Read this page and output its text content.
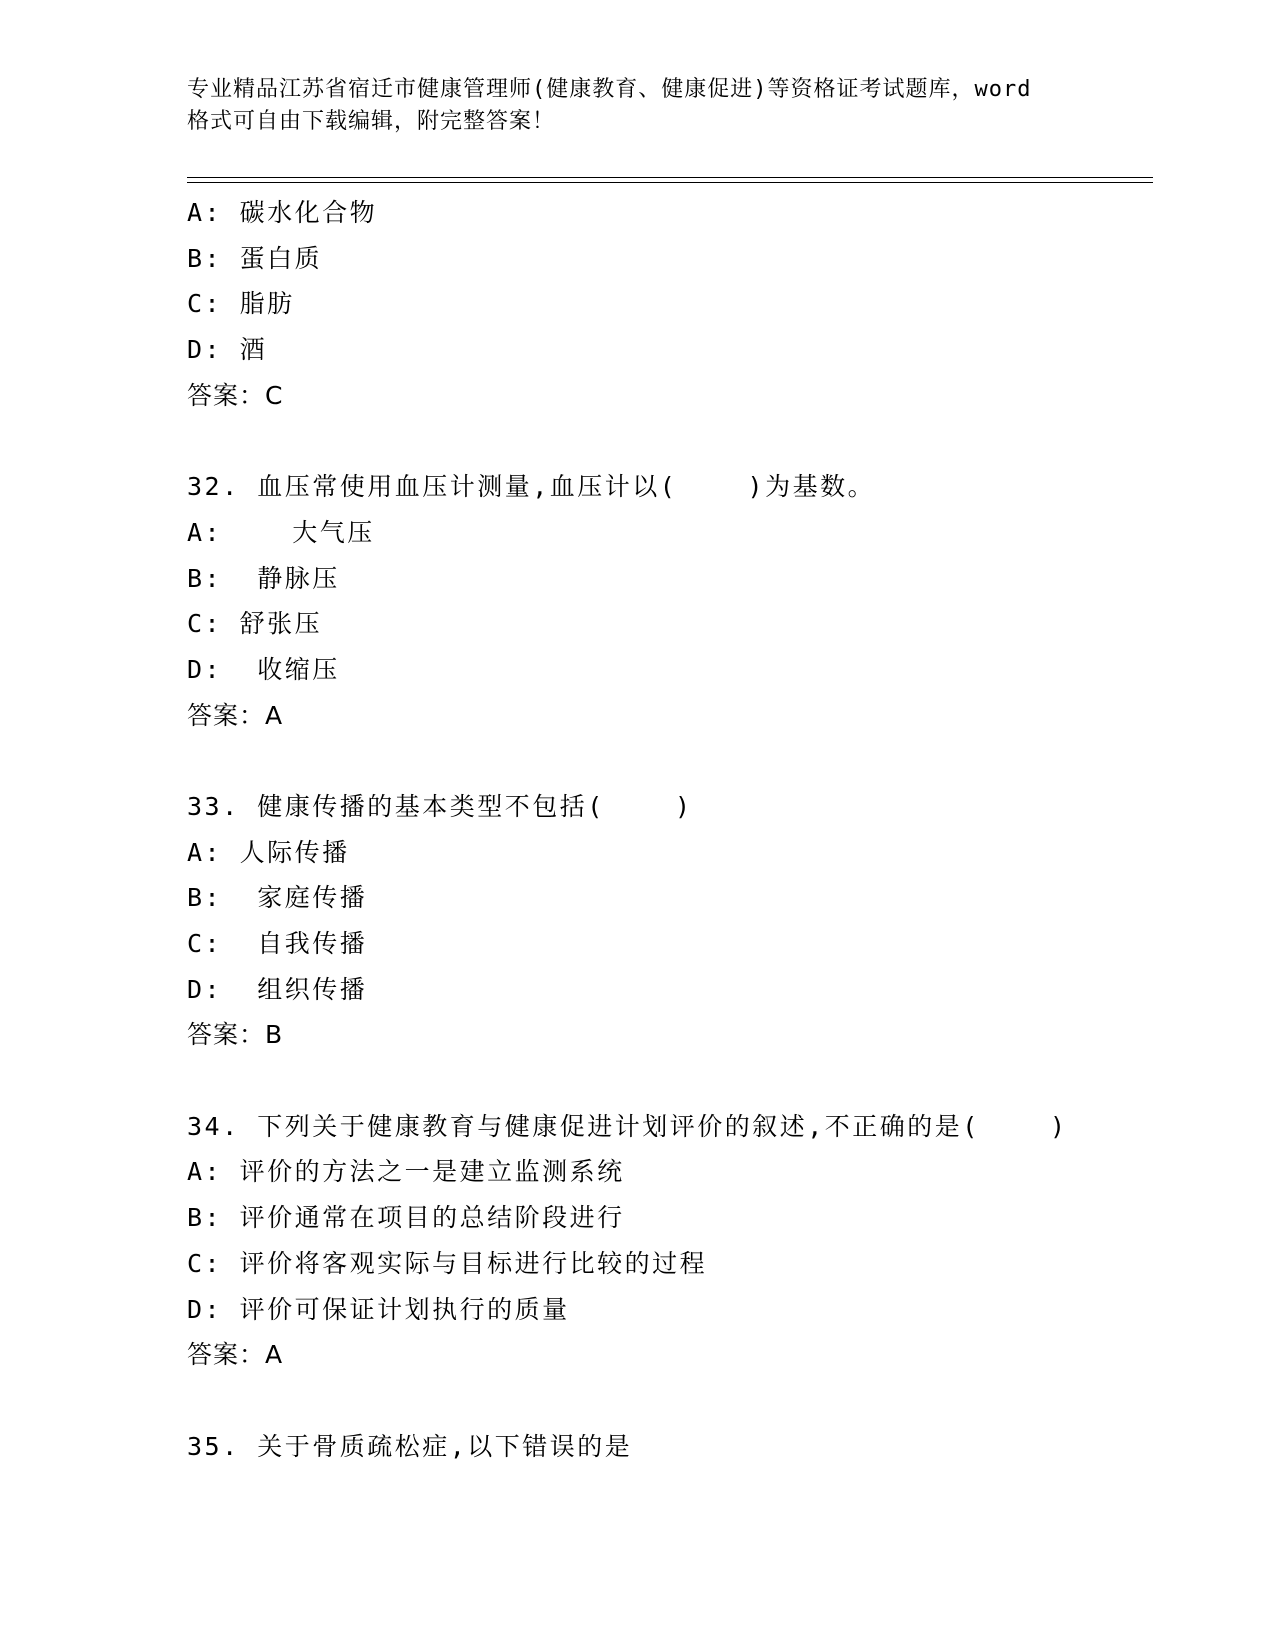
专业精品江苏省宿迁市健康管理师(健康教育、健康促进)等资格证考试题库，word
格式可自由下载编辑，附完整答案！
A: 碳水化合物
B: 蛋白质
C: 脂肪
D: 酒
答案：C
32. 血压常使用血压计测量,血压计以(    )为基数。
A:    大气压
B:  静脉压
C: 舒张压
D:  收缩压
答案：A
33. 健康传播的基本类型不包括(    )
A: 人际传播
B:  家庭传播
C:  自我传播
D:  组织传播
答案：B
34. 下列关于健康教育与健康促进计划评价的叙述,不正确的是(    )
A: 评价的方法之一是建立监测系统
B: 评价通常在项目的总结阶段进行
C: 评价将客观实际与目标进行比较的过程
D: 评价可保证计划执行的质量
答案：A
35. 关于骨质疏松症,以下错误的是
